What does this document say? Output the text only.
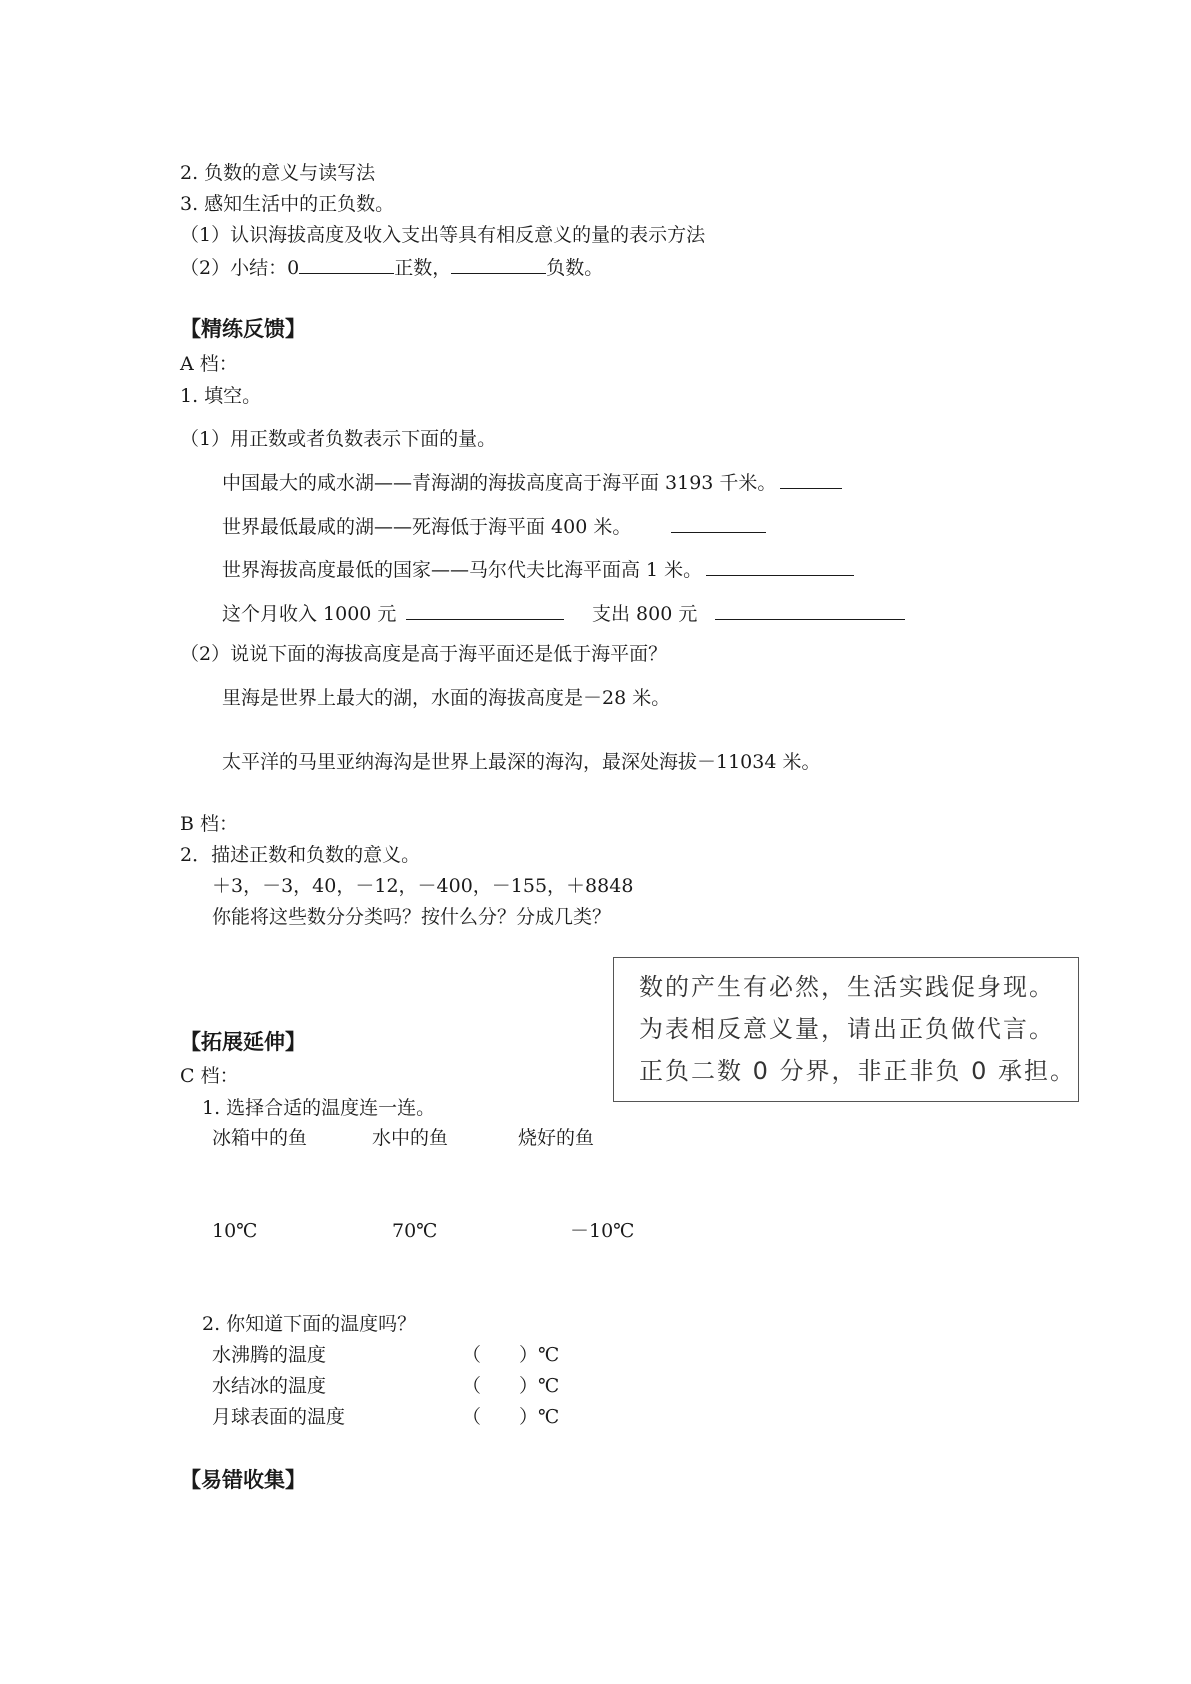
2. 负数的意义与读写法
3. 感知生活中的正负数。
（1）认识海拔高度及收入支出等具有相反意义的量的表示方法
（2）小结：0	正数，	负数。
【精练反馈】
A 档：
1. 填空。
（1）用正数或者负数表示下面的量。
中国最大的咸水湖——青海湖的海拔高度高于海平面 3193 千米。
世界最低最咸的湖——死海低于海平面 400 米。
世界海拔高度最低的国家——马尔代夫比海平面高 1 米。
这个月收入 1000 元	支出 800 元
（2）说说下面的海拔高度是高于海平面还是低于海平面？
里海是世界上最大的湖，水面的海拔高度是－28 米。
太平洋的马里亚纳海沟是世界上最深的海沟，最深处海拔－11034 米。
B 档：
2．描述正数和负数的意义。
＋3，－3，40，－12，－400，－155，＋8848
你能将这些数分分类吗？按什么分？分成几类？
数的产生有必然，生活实践促身现。
为表相反意义量，请出正负做代言。
正负二数 0 分界，非正非负 0 承担。
【拓展延伸】
C 档：
1. 选择合适的温度连一连。
冰箱中的鱼	水中的鱼	烧好的鱼
10℃	70℃	－10℃
2. 你知道下面的温度吗？
水沸腾的温度	（　　）℃
水结冰的温度	（　　）℃
月球表面的温度	（　　）℃
【易错收集】
